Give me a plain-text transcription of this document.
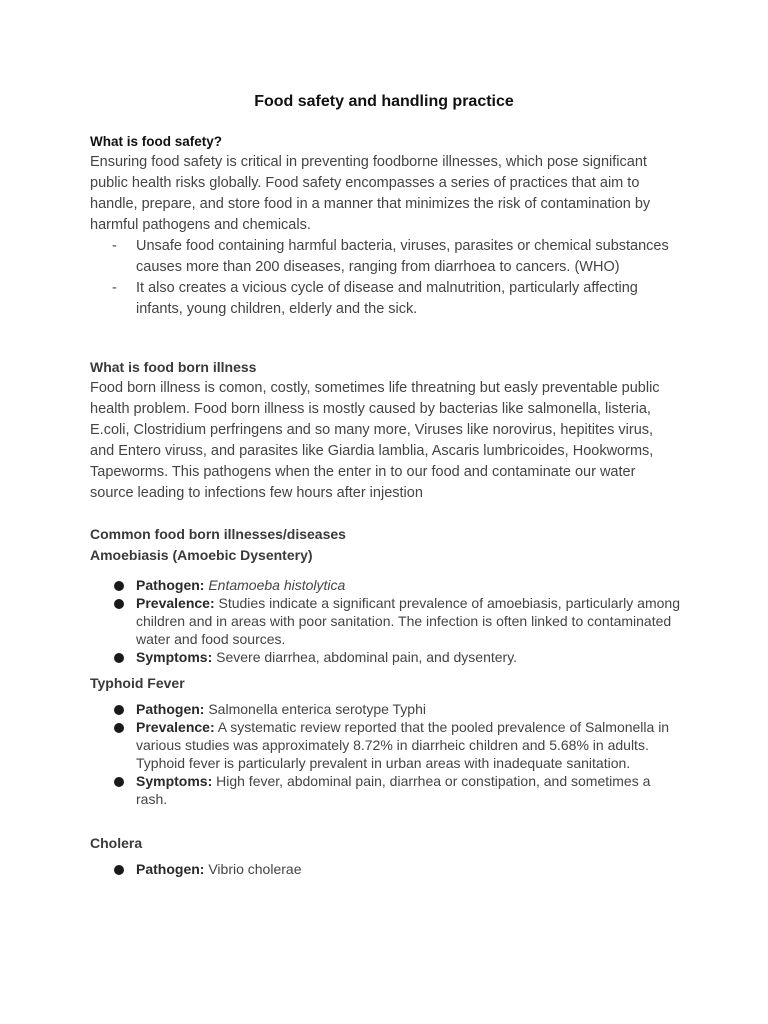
Food safety and handling practice
What is food safety?
Ensuring food safety is critical in preventing foodborne illnesses, which pose significant public health risks globally. Food safety encompasses a series of practices that aim to handle, prepare, and store food in a manner that minimizes the risk of contamination by harmful pathogens and chemicals.
- Unsafe food containing harmful bacteria, viruses, parasites or chemical substances causes more than 200 diseases, ranging from diarrhoea to cancers. (WHO)
- It also creates a vicious cycle of disease and malnutrition, particularly affecting infants, young children, elderly and the sick.
What is food born illness
Food born illness is comon, costly, sometimes life threatning but easly preventable public health problem. Food born illness is mostly caused by bacterias like salmonella, listeria, E.coli, Clostridium perfringens and so many more, Viruses like norovirus, hepitites virus, and Entero viruss, and parasites like Giardia lamblia, Ascaris lumbricoides, Hookworms, Tapeworms. This pathogens when the enter in to our food and contaminate our water source leading to infections few hours after injestion
Common food born illnesses/diseases
Amoebiasis (Amoebic Dysentery)
Pathogen: Entamoeba histolytica
Prevalence: Studies indicate a significant prevalence of amoebiasis, particularly among children and in areas with poor sanitation. The infection is often linked to contaminated water and food sources.
Symptoms: Severe diarrhea, abdominal pain, and dysentery.
Typhoid Fever
Pathogen: Salmonella enterica serotype Typhi
Prevalence: A systematic review reported that the pooled prevalence of Salmonella in various studies was approximately 8.72% in diarrheic children and 5.68% in adults. Typhoid fever is particularly prevalent in urban areas with inadequate sanitation.
Symptoms: High fever, abdominal pain, diarrhea or constipation, and sometimes a rash.
Cholera
Pathogen: Vibrio cholerae
